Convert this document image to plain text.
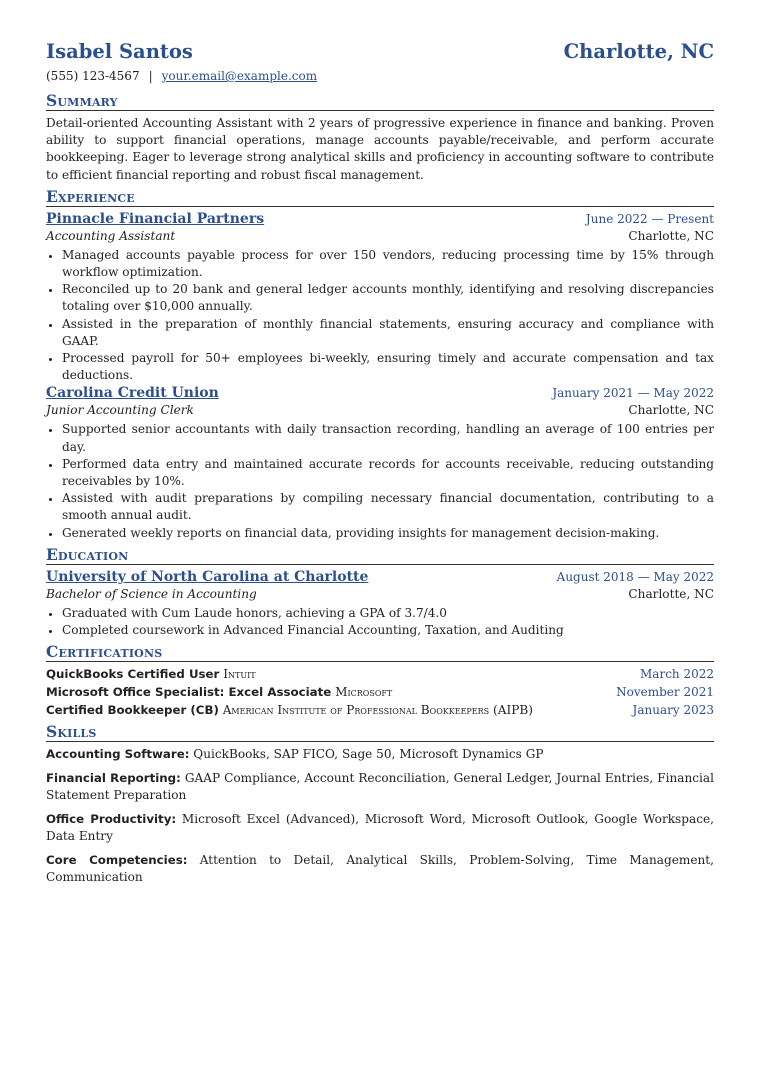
Isabel Santos	Charlotte, NC
(555) 123-4567 | your.email@example.com
Summary
Detail-oriented Accounting Assistant with 2 years of progressive experience in finance and banking. Proven ability to support financial operations, manage accounts payable/receivable, and perform accurate bookkeeping. Eager to leverage strong analytical skills and proficiency in accounting software to contribute to efficient financial reporting and robust fiscal management.
Experience
Pinnacle Financial Partners	June 2022 — Present
Accounting Assistant	Charlotte, NC
• Managed accounts payable process for over 150 vendors, reducing processing time by 15% through workflow optimization.
• Reconciled up to 20 bank and general ledger accounts monthly, identifying and resolving discrepancies totaling over $10,000 annually.
• Assisted in the preparation of monthly financial statements, ensuring accuracy and compliance with GAAP.
• Processed payroll for 50+ employees bi-weekly, ensuring timely and accurate compensation and tax deductions.
Carolina Credit Union	January 2021 — May 2022
Junior Accounting Clerk	Charlotte, NC
• Supported senior accountants with daily transaction recording, handling an average of 100 entries per day.
• Performed data entry and maintained accurate records for accounts receivable, reducing outstanding receivables by 10%.
• Assisted with audit preparations by compiling necessary financial documentation, contributing to a smooth annual audit.
• Generated weekly reports on financial data, providing insights for management decision-making.
Education
University of North Carolina at Charlotte	August 2018 — May 2022
Bachelor of Science in Accounting	Charlotte, NC
• Graduated with Cum Laude honors, achieving a GPA of 3.7/4.0
• Completed coursework in Advanced Financial Accounting, Taxation, and Auditing
Certifications
QuickBooks Certified User Intuit	March 2022
Microsoft Office Specialist: Excel Associate Microsoft	November 2021
Certified Bookkeeper (CB) American Institute of Professional Bookkeepers (AIPB)	January 2023
Skills
Accounting Software: QuickBooks, SAP FICO, Sage 50, Microsoft Dynamics GP
Financial Reporting: GAAP Compliance, Account Reconciliation, General Ledger, Journal Entries, Financial Statement Preparation
Office Productivity: Microsoft Excel (Advanced), Microsoft Word, Microsoft Outlook, Google Workspace, Data Entry
Core Competencies: Attention to Detail, Analytical Skills, Problem-Solving, Time Management, Communication
